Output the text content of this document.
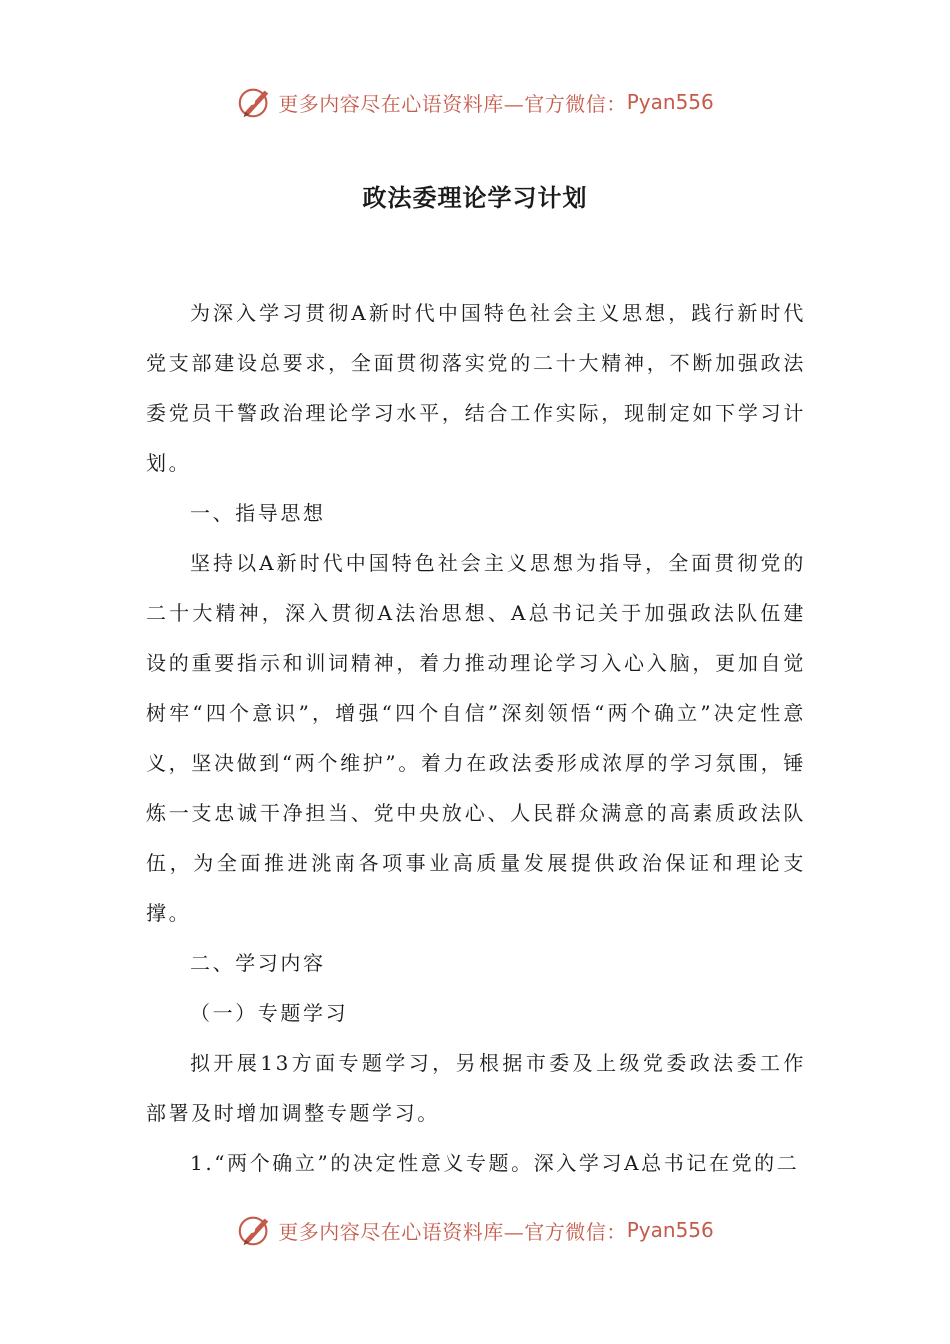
更多内容尽在心语资料库—官方微信： Pyan556
政法委理论学习计划

为深入学习贯彻A新时代中国特色社会主义思想，践行新时代党支部建设总要求，全面贯彻落实党的二十大精神，不断加强政法委党员干警政治理论学习水平，结合工作实际，现制定如下学习计划。

一、指导思想

坚持以A新时代中国特色社会主义思想为指导，全面贯彻党的二十大精神，深入贯彻A法治思想、A总书记关于加强政法队伍建设的重要指示和训词精神，着力推动理论学习入心入脑，更加自觉树牢“四个意识”，增强“四个自信”深刻领悟“两个确立”决定性意义，坚决做到“两个维护”。着力在政法委形成浓厚的学习氛围，锤炼一支忠诚干净担当、党中央放心、人民群众满意的高素质政法队伍，为全面推进洮南各项事业高质量发展提供政治保证和理论支撑。

二、学习内容

（一）专题学习

拟开展13方面专题学习，另根据市委及上级党委政法委工作部署及时增加调整专题学习。

1.“两个确立”的决定性意义专题。深入学习A总书记在党的二

更多内容尽在心语资料库—官方微信： Pyan556
